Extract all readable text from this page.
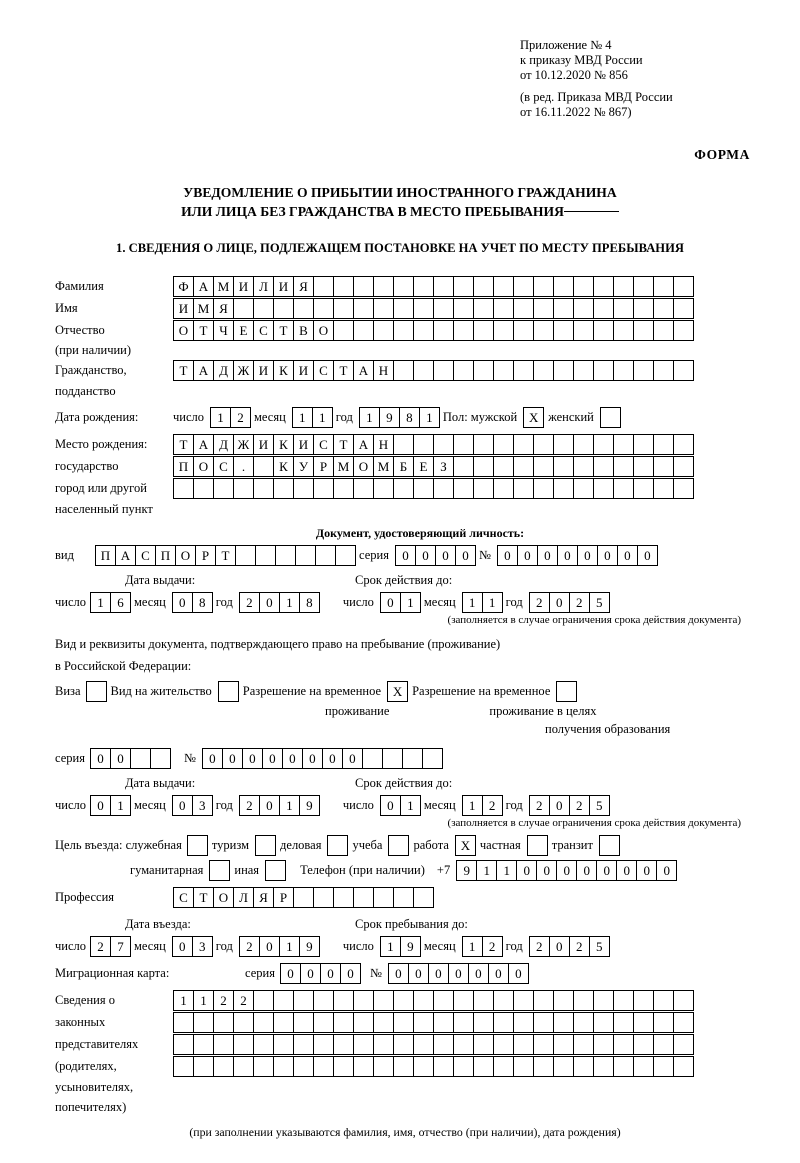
Приложение № 4
к приказу МВД России
от 10.12.2020 № 856
(в ред. Приказа МВД России
от 16.11.2022 № 867)
ФОРМА
УВЕДОМЛЕНИЕ О ПРИБЫТИИ ИНОСТРАННОГО ГРАЖДАНИНА
ИЛИ ЛИЦА БЕЗ ГРАЖДАНСТВА В МЕСТО ПРЕБЫВАНИЯ
1. СВЕДЕНИЯ О ЛИЦЕ, ПОДЛЕЖАЩЕМ ПОСТАНОВКЕ НА УЧЕТ ПО МЕСТУ ПРЕБЫВАНИЯ
Фамилия	Ф А М И Л И Я
Имя	И М Я
Отчество	О Т Ч Е С Т В О
(при наличии)
Гражданство,	Т А Д Ж И К И С Т А Н
подданство
Дата рождения:	число	1	2 месяц	1	1 год	1	9	8	1 Пол: мужской X женский
Место рождения:	Т А Д Ж И К И С Т А Н
государство	П О С	.	К У Р М О М Б Е З
город или другой
населенный пункт
Документ, удостоверяющий личность:
вид	П А С П О Р Т	серия	0	0	0	0 №	0	0	0	0	0	0	0	0
Дата выдачи:	Срок действия до:
число 1	6 месяц	0	8 год	2	0	1	8	число	0	1 месяц	1	1 год	2	0	2	5
(заполняется в случае ограничения срока действия документа)
Вид и реквизиты документа, подтверждающего право на пребывание (проживание)
в Российской Федерации:
Виза Вид на жительство Разрешение на временное X Разрешение на временное
проживание	проживание в целях
получения образования
серия 0	0	№	0	0	0	0	0	0	0	0
Дата выдачи:	Срок действия до:
число 0	1 месяц	0	3 год	2	0	1	9	число	0	1 месяц	1	2 год	2	0	2	5
(заполняется в случае ограничения срока действия документа)
Цель въезда: служебная туризм деловая учеба работа X частная транзит
гуманитарная иная	Телефон (при наличии) +7	9	1	1	0	0	0	0	0	0	0	0
Профессия	С Т О Л Я Р
Дата въезда:	Срок пребывания до:
число 2	7 месяц	0	3 год	2	0	1	9	число	1	9 месяц	1	2 год	2	0	2	5
Миграционная карта:	серия 0	0	0	0	№	0	0	0	0	0	0	0
Сведения о	1	1	2	2
законных
представителях
(родителях,
усыновителях,
попечителях)
(при заполнении указываются фамилия, имя, отчество (при наличии), дата рождения)
